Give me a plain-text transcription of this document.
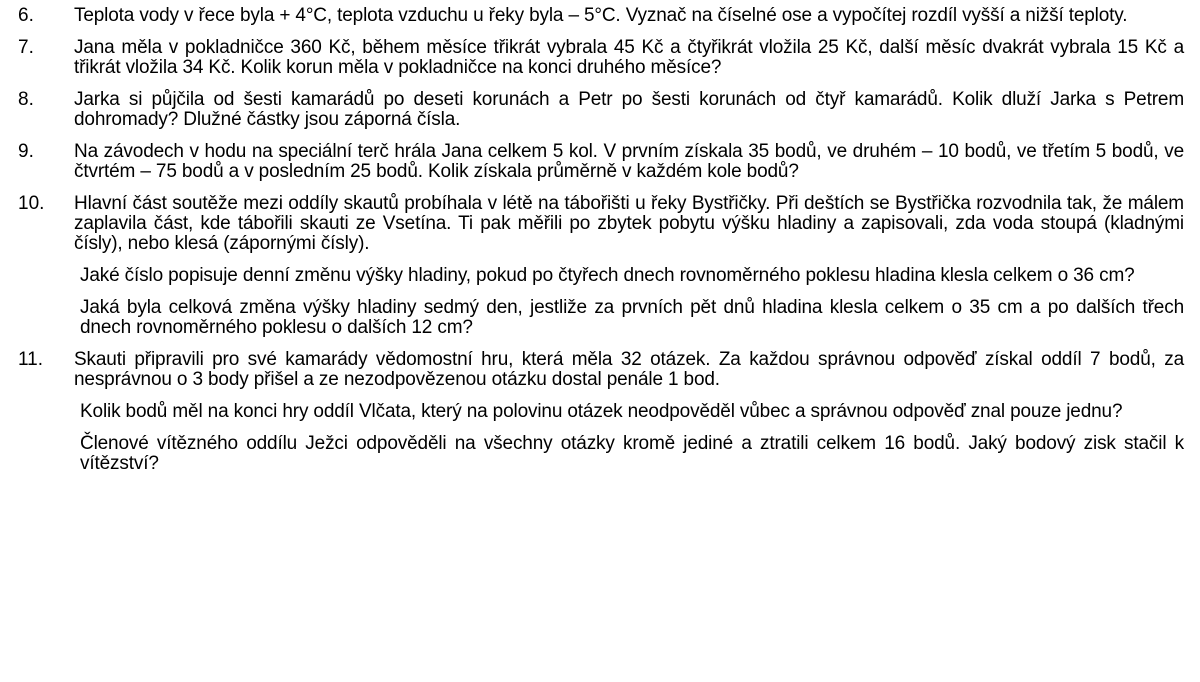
6.	Teplota vody v řece byla + 4°C, teplota vzduchu u řeky byla – 5°C. Vyznač na číselné ose a vypočítej rozdíl vyšší a nižší teploty.

7.	Jana měla v pokladničce 360 Kč, během měsíce třikrát vybrala 45 Kč a čtyřikrát vložila 25 Kč, další měsíc dvakrát vybrala 15 Kč a třikrát vložila 34 Kč. Kolik korun měla v pokladničce na konci druhého měsíce?

8.	Jarka si půjčila od šesti kamarádů po deseti korunách a Petr po šesti korunách od čtyř kamarádů. Kolik dluží Jarka s Petrem dohromady? Dlužné částky jsou záporná čísla.

9.	Na závodech v hodu na speciální terč hrála Jana celkem 5 kol. V prvním získala 35 bodů, ve druhém – 10 bodů, ve třetím 5 bodů, ve čtvrtém – 75 bodů a v posledním 25 bodů. Kolik získala průměrně v každém kole bodů?

10.	Hlavní část soutěže mezi oddíly skautů probíhala v létě na tábořišti u řeky Bystřičky. Při deštích se Bystřička rozvodnila tak, že málem zaplavila část, kde tábořili skauti ze Vsetína. Ti pak měřili po zbytek pobytu výšku hladiny a zapisovali, zda voda stoupá (kladnými čísly), nebo klesá (zápornými čísly).

Jaké číslo popisuje denní změnu výšky hladiny, pokud po čtyřech dnech rovnoměrného poklesu hladina klesla celkem o 36 cm?

Jaká byla celková změna výšky hladiny sedmý den, jestliže za prvních pět dnů hladina klesla celkem o 35 cm a po dalších třech dnech rovnoměrného poklesu o dalších 12 cm?

11.	Skauti připravili pro své kamarády vědomostní hru, která měla 32 otázek. Za každou správnou odpověď získal oddíl 7 bodů, za nesprávnou o 3 body přišel a ze nezodpovězenou otázku dostal penále 1 bod.

Kolik bodů měl na konci hry oddíl Vlčata, který na polovinu otázek neodpověděl vůbec a správnou odpověď znal pouze jednu?

Členové vítězného oddílu Ježci odpověděli na všechny otázky kromě jediné a ztratili celkem 16 bodů. Jaký bodový zisk stačil k vítězství?
